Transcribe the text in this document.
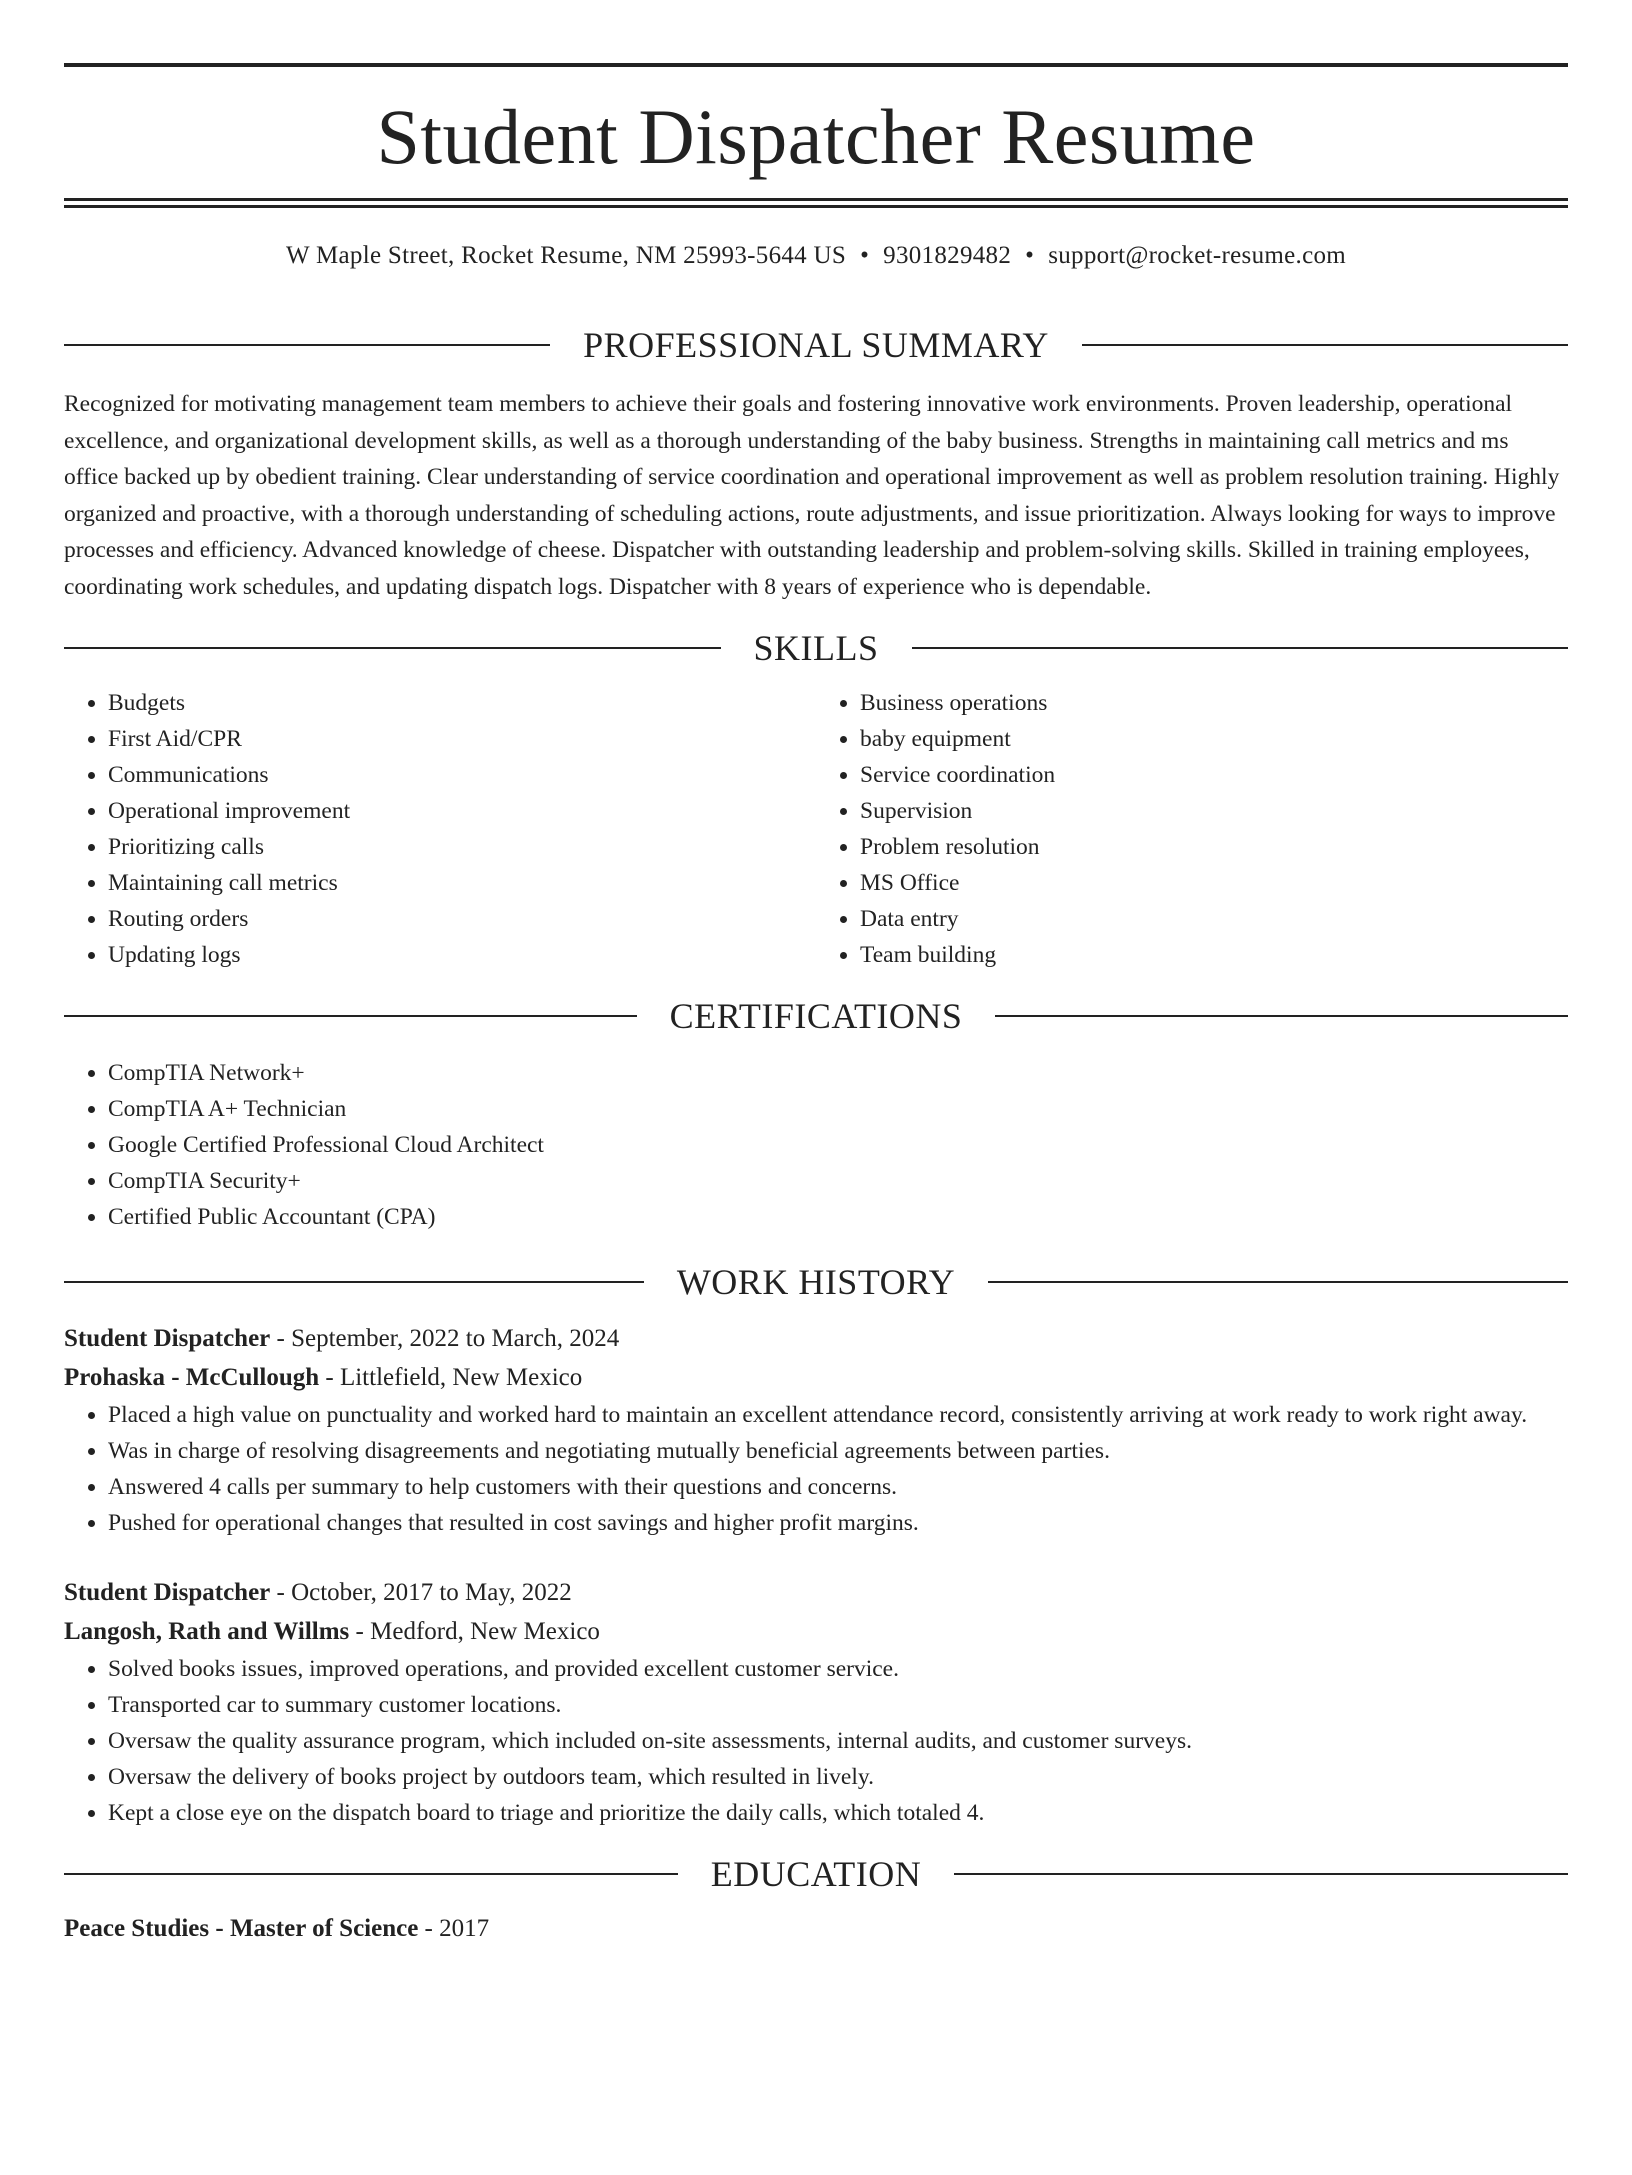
Student Dispatcher Resume
W Maple Street, Rocket Resume, NM 25993-5644 US • 9301829482 • support@rocket-resume.com
PROFESSIONAL SUMMARY

Recognized for motivating management team members to achieve their goals and fostering innovative work environments. Proven leadership, operational excellence, and organizational development skills, as well as a thorough understanding of the baby business. Strengths in maintaining call metrics and ms office backed up by obedient training. Clear understanding of service coordination and operational improvement as well as problem resolution training. Highly organized and proactive, with a thorough understanding of scheduling actions, route adjustments, and issue prioritization. Always looking for ways to improve processes and efficiency. Advanced knowledge of cheese. Dispatcher with outstanding leadership and problem-solving skills. Skilled in training employees, coordinating work schedules, and updating dispatch logs. Dispatcher with 8 years of experience who is dependable.

SKILLS
• Budgets
• First Aid/CPR
• Communications
• Operational improvement
• Prioritizing calls
• Maintaining call metrics
• Routing orders
• Updating logs
• Business operations
• baby equipment
• Service coordination
• Supervision
• Problem resolution
• MS Office
• Data entry
• Team building
CERTIFICATIONS
• CompTIA Network+
• CompTIA A+ Technician
• Google Certified Professional Cloud Architect
• CompTIA Security+
• Certified Public Accountant (CPA)
WORK HISTORY

Student Dispatcher - September, 2022 to March, 2024

Prohaska - McCullough - Littlefield, New Mexico

• Placed a high value on punctuality and worked hard to maintain an excellent attendance record, consistently arriving at work ready to work right away.
• Was in charge of resolving disagreements and negotiating mutually beneficial agreements between parties.
• Answered 4 calls per summary to help customers with their questions and concerns.
• Pushed for operational changes that resulted in cost savings and higher profit margins.

Student Dispatcher - October, 2017 to May, 2022

Langosh, Rath and Willms - Medford, New Mexico

• Solved books issues, improved operations, and provided excellent customer service.
• Transported car to summary customer locations.
• Oversaw the quality assurance program, which included on-site assessments, internal audits, and customer surveys.
• Oversaw the delivery of books project by outdoors team, which resulted in lively.
• Kept a close eye on the dispatch board to triage and prioritize the daily calls, which totaled 4.
EDUCATION

Peace Studies - Master of Science - 2017
